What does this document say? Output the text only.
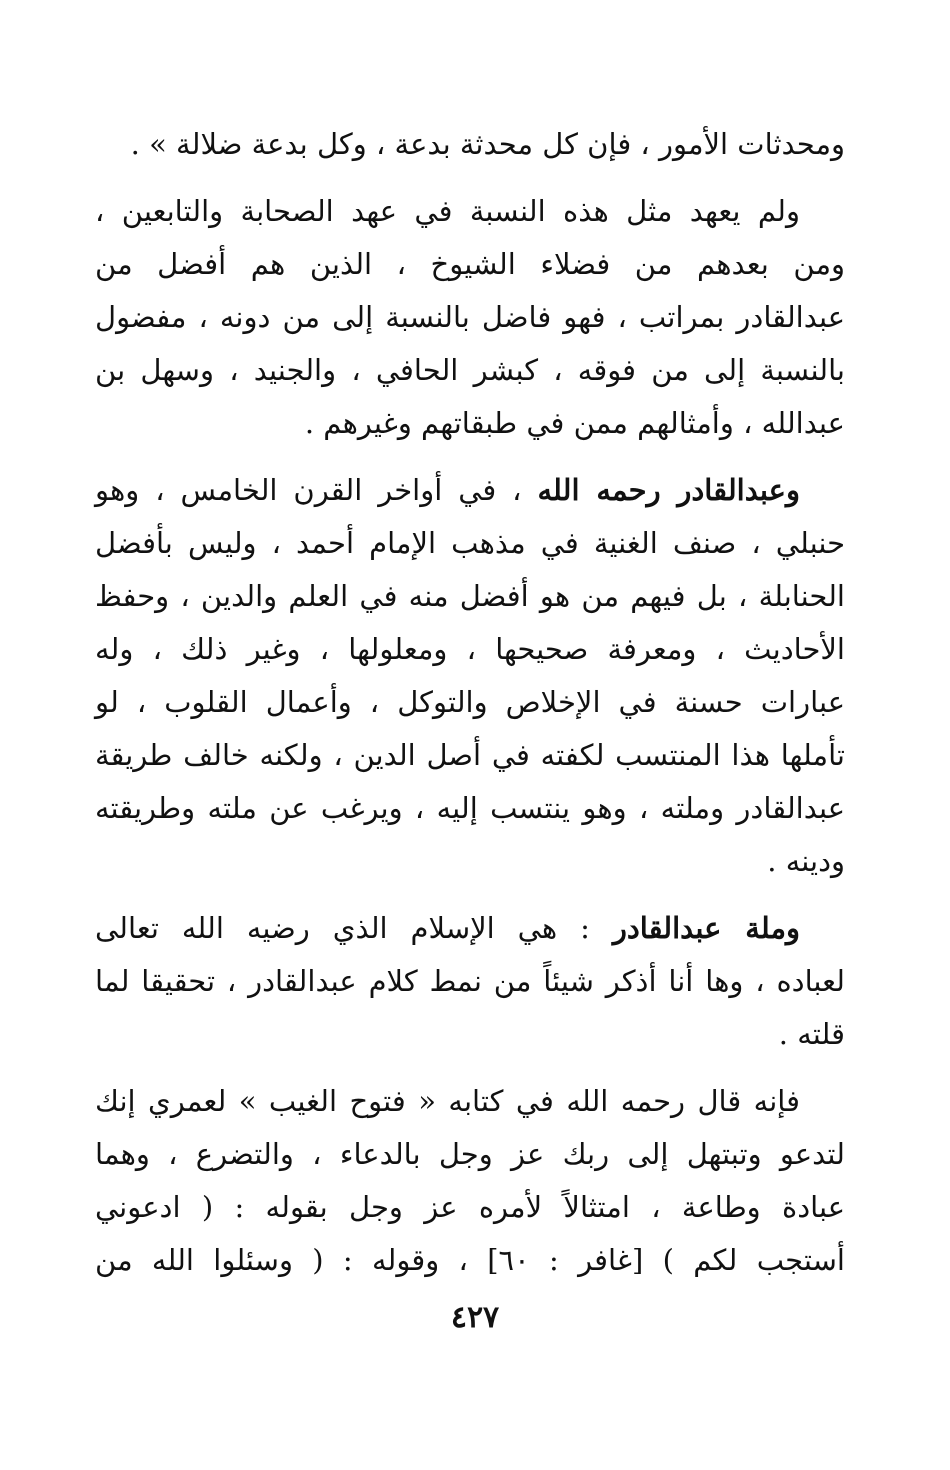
ومحدثات الأمور ، فإن كل محدثة بدعة ، وكل بدعة ضلالة » .
ولم يعهد مثل هذه النسبة في عهد الصحابة والتابعين ،
ومن بعدهم من فضلاء الشيوخ ، الذين هم أفضل من
عبدالقادر بمراتب ، فهو فاضل بالنسبة إلى من دونه ، مفضول
بالنسبة إلى من فوقه ، كبشر الحافي ، والجنيد ، وسهل بن
عبدالله ، وأمثالهم ممن في طبقاتهم وغيرهم .
وعبدالقادر رحمه الله ، في أواخر القرن الخامس ، وهو
حنبلي ، صنف الغنية في مذهب الإمام أحمد ، وليس بأفضل
الحنابلة ، بل فيهم من هو أفضل منه في العلم والدين ، وحفظ
الأحاديث ، ومعرفة صحيحها ، ومعلولها ، وغير ذلك ، وله
عبارات حسنة في الإخلاص والتوكل ، وأعمال القلوب ، لو
تأملها هذا المنتسب لكفته في أصل الدين ، ولكنه خالف طريقة
عبدالقادر وملته ، وهو ينتسب إليه ، ويرغب عن ملته وطريقته
ودينه .
وملة عبدالقادر : هي الإسلام الذي رضيه الله تعالى
لعباده ، وها أنا أذكر شيئاً من نمط كلام عبدالقادر ، تحقيقا لما
قلته .
فإنه قال رحمه الله في كتابه « فتوح الغيب » لعمري إنك
لتدعو وتبتهل إلى ربك عز وجل بالدعاء ، والتضرع ، وهما
عبادة وطاعة ، امتثالاً لأمره عز وجل بقوله : ( ادعوني
أستجب لكم ) [غافر : ٦٠] ، وقوله : ( وسئلوا الله من
٤٢٧
